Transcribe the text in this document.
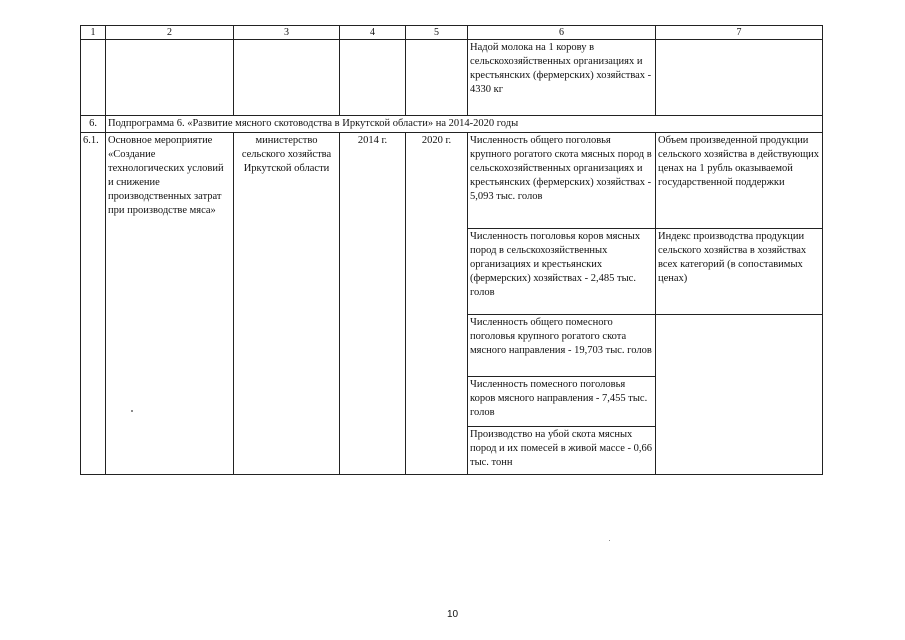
1	2	3	4	5	6	7
					Надой молока на 1 корову в сельскохозяйственных организациях и крестьянских (фермерских) хозяйствах - 4330 кг	
6.	Подпрограмма 6. «Развитие мясного скотоводства в Иркутской области» на 2014-2020 годы					
6.1.	Основное мероприятие «Создание технологических условий и снижение производственных затрат при производстве мяса»	министерство сельского хозяйства Иркутской области	2014 г.	2020 г.	Численность общего поголовья крупного рогатого скота мясных пород в сельскохозяйственных организациях и крестьянских (фермерских) хозяйствах - 5,093 тыс. голов	Объем произведенной продукции сельского хозяйства в действующих ценах на 1 рубль оказываемой государственной поддержки
					Численность поголовья коров мясных пород в сельскохозяйственных организациях и крестьянских (фермерских) хозяйствах - 2,485 тыс. голов	Индекс производства продукции сельского хозяйства в хозяйствах всех категорий (в сопоставимых ценах)
					Численность общего помесного поголовья крупного рогатого скота мясного направления - 19,703 тыс. голов	
					Численность помесного поголовья коров мясного направления - 7,455 тыс. голов	
					Производство на убой скота мясных пород и их помесей в живой массе - 0,66 тыс. тонн	
10
